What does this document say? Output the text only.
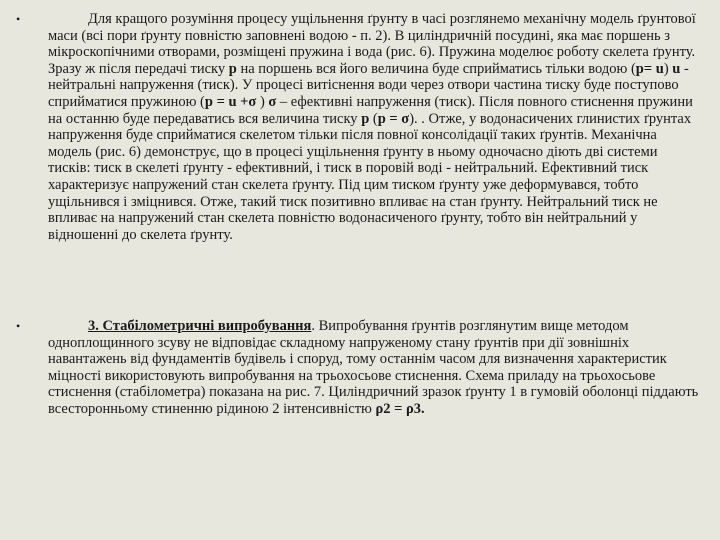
•	Для кращого розуміння процесу ущільнення ґрунту в часі розглянемо механічну модель ґрунтової маси (всі пори ґрунту повністю заповнені водою - п. 2). В циліндричній посудині, яка має поршень з мікроскопічними отворами, розміщені пружина і вода (рис. 6). Пружина моделює роботу скелета ґрунту. Зразу ж після передачі тиску p на поршень вся його величина буде сприйматись тільки водою (p= u) u - нейтральні напруження (тиск). У процесі витіснення води через отвори частина тиску буде поступово сприйматися пружиною (p = u +σ ) σ – ефективні напруження (тиск). Після повного стиснення пружини на останню буде передаватись вся величина тиску p (p = σ). . Отже, у водонасичених глинистих ґрунтах напруження буде сприйматися скелетом тільки після повної консолідації таких ґрунтів. Механічна модель (рис. 6) демонструє, що в процесі ущільнення ґрунту в ньому одночасно діють дві системи тисків: тиск в скелеті ґрунту - ефективний, і тиск в поровій воді - нейтральний. Ефективний тиск характеризує напружений стан скелета ґрунту. Під цим тиском ґрунту уже деформувався, тобто ущільнився і зміцнився. Отже, такий тиск позитивно впливає на стан ґрунту. Нейтральний тиск не впливає на напружений стан скелета повністю водонасиченого ґрунту, тобто він нейтральний у відношенні до скелета ґрунту.
•	3. Стабілометричні випробування. Випробування ґрунтів розглянутим вище методом одноплощинного зсуву не відповідає складному напруженому стану ґрунтів при дії зовнішніх навантажень від фундаментів будівель і споруд, тому останнім часом для визначення характеристик міцності використовують випробування на трьохосьове стиснення. Схема приладу на трьохосьове стиснення (стабілометра) показана на рис. 7. Циліндричний зразок ґрунту 1 в гумовій оболонці піддають всесторонньому стиненню рідиною 2 інтенсивністю ρ2 = ρ3.
